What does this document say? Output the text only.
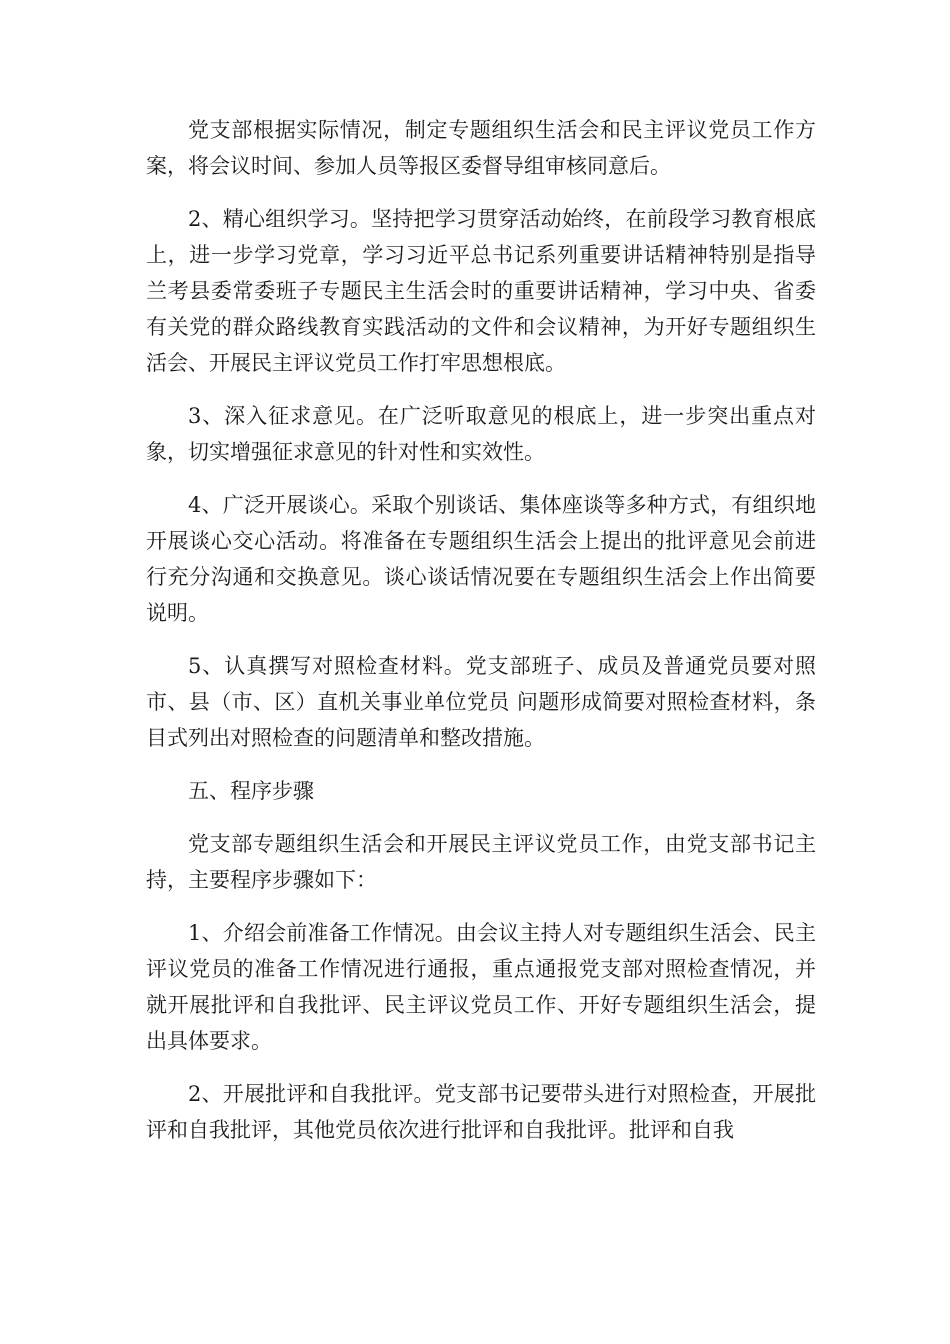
党支部根据实际情况，制定专题组织生活会和民主评议党员工作方案，将会议时间、参加人员等报区委督导组审核同意后。

2、精心组织学习。坚持把学习贯穿活动始终，在前段学习教育根底上，进一步学习党章，学习习近平总书记系列重要讲话精神特别是指导兰考县委常委班子专题民主生活会时的重要讲话精神，学习中央、省委有关党的群众路线教育实践活动的文件和会议精神，为开好专题组织生活会、开展民主评议党员工作打牢思想根底。

3、深入征求意见。在广泛听取意见的根底上，进一步突出重点对象，切实增强征求意见的针对性和实效性。

4、广泛开展谈心。采取个别谈话、集体座谈等多种方式，有组织地开展谈心交心活动。将准备在专题组织生活会上提出的批评意见会前进行充分沟通和交换意见。谈心谈话情况要在专题组织生活会上作出简要说明。

5、认真撰写对照检查材料。党支部班子、成员及普通党员要对照市、县（市、区）直机关事业单位党员 问题形成简要对照检查材料，条目式列出对照检查的问题清单和整改措施。

五、程序步骤

党支部专题组织生活会和开展民主评议党员工作，由党支部书记主持，主要程序步骤如下：

1、介绍会前准备工作情况。由会议主持人对专题组织生活会、民主评议党员的准备工作情况进行通报，重点通报党支部对照检查情况，并就开展批评和自我批评、民主评议党员工作、开好专题组织生活会，提出具体要求。

2、开展批评和自我批评。党支部书记要带头进行对照检查，开展批评和自我批评，其他党员依次进行批评和自我批评。批评和自我
